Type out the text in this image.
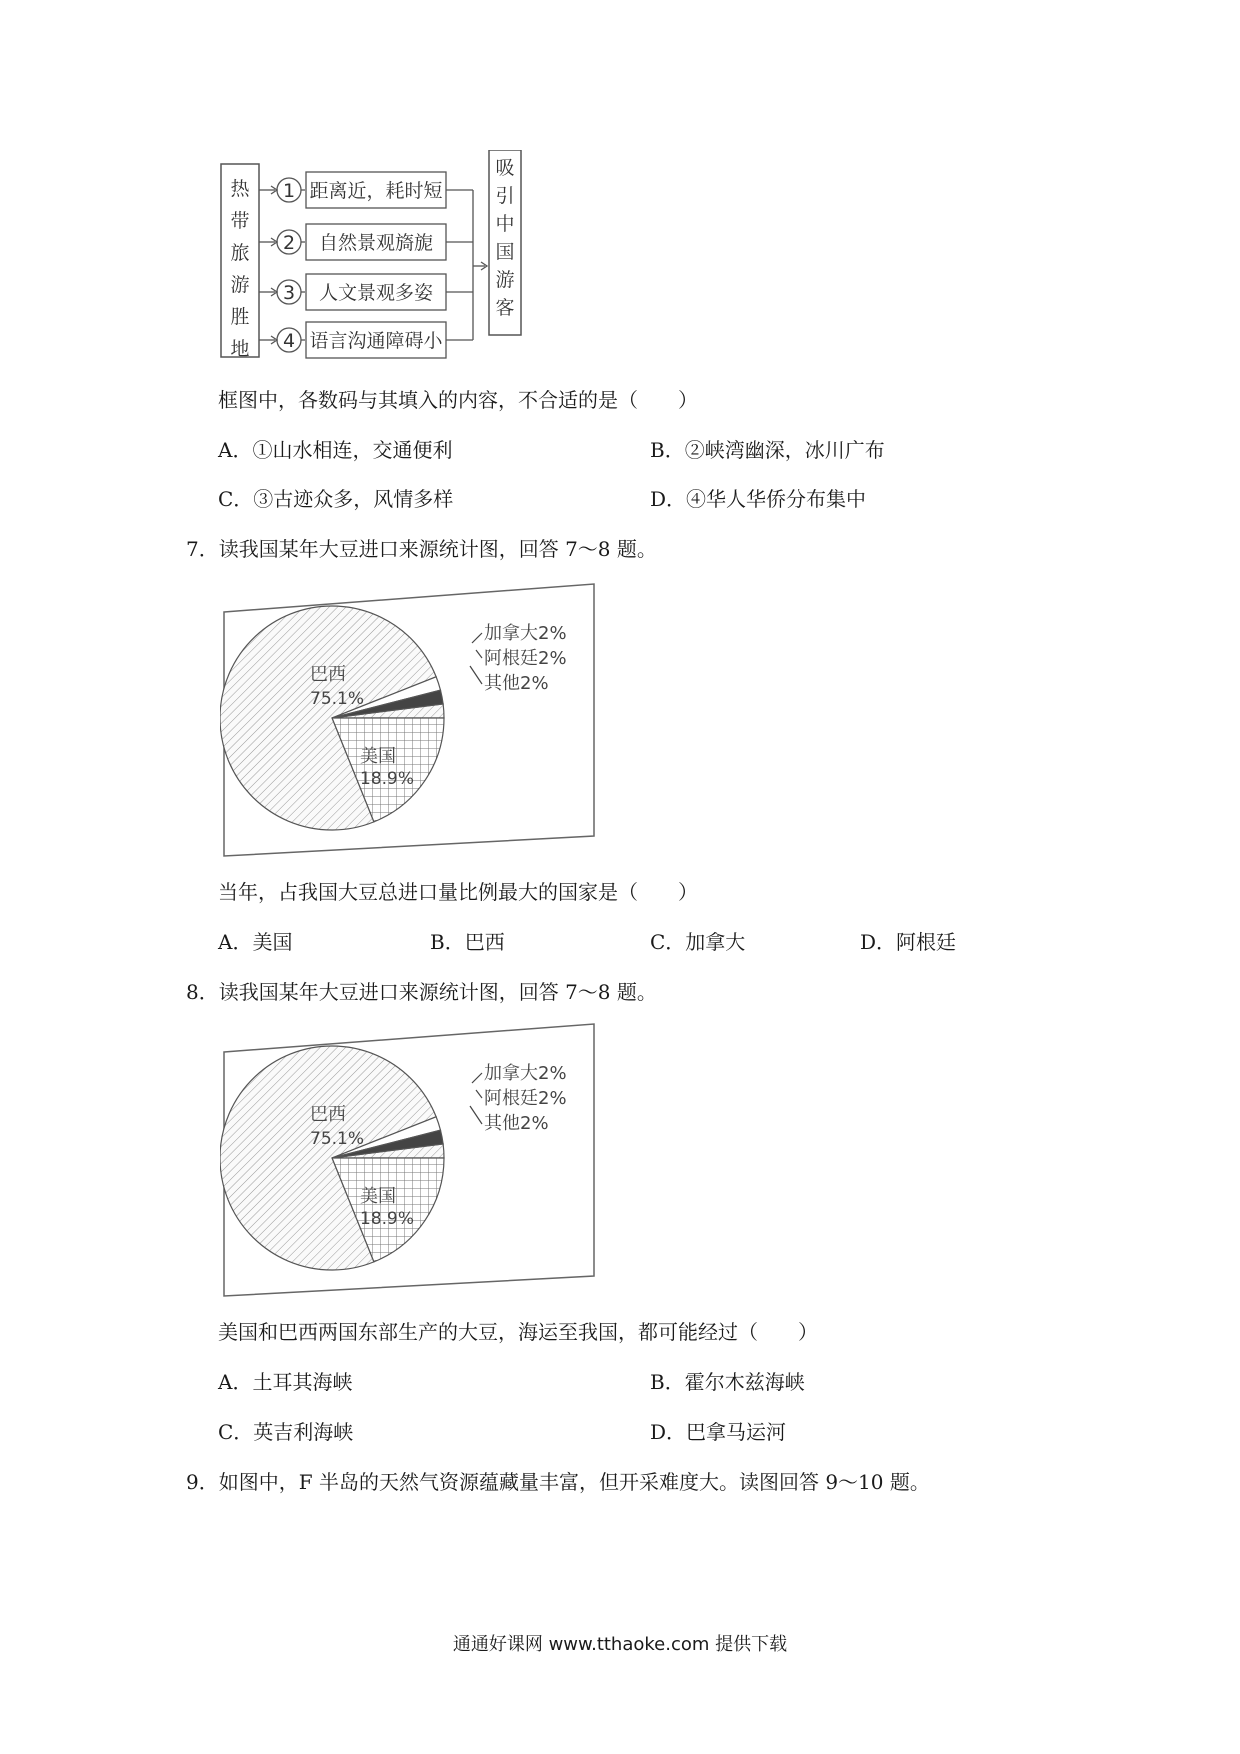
热
带
旅
游
胜
地
1 距离近，耗时短
2 自然景观旖旎
3 人文景观多姿
4 语言沟通障碍小
吸
引
中
国
游
客
框图中，各数码与其填入的内容，不合适的是（　　）
A．①山水相连，交通便利	B．②峡湾幽深，冰川广布
C．③古迹众多，风情多样	D．④华人华侨分布集中
7．读我国某年大豆进口来源统计图，回答 7～8 题。
巴西
75.1%
美国
18.9%
加拿大2%
阿根廷2%
其他2%
当年，占我国大豆总进口量比例最大的国家是（　　）
A．美国	B．巴西	C．加拿大	D．阿根廷
8．读我国某年大豆进口来源统计图，回答 7～8 题。
巴西
75.1%
美国
18.9%
加拿大2%
阿根廷2%
其他2%
美国和巴西两国东部生产的大豆，海运至我国，都可能经过（　　）
A．土耳其海峡	B．霍尔木兹海峡
C．英吉利海峡	D．巴拿马运河
9．如图中，F 半岛的天然气资源蕴藏量丰富，但开采难度大。读图回答 9～10 题。
通通好课网 www.tthaoke.com 提供下载
